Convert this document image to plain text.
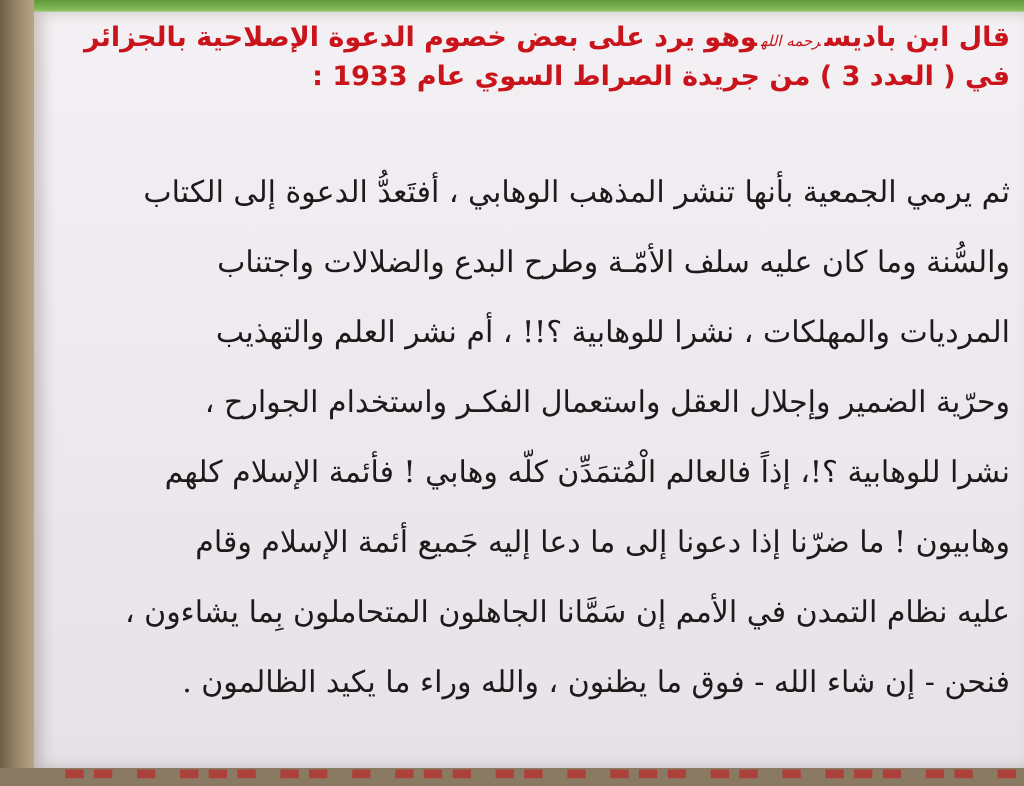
قال ابن باديسرحمه اللهوهو يرد على بعض خصوم الدعوة الإصلاحية بالجزائر
في ( العدد 3 ) من جريدة الصراط السوي عام 1933 :
ثم يرمي الجمعية بأنها تنشر المذهب الوهابي ، أفتَعدُّ الدعوة إلى الكتاب
والسُّنة وما كان عليه سلف الأمّـة وطرح البدع والضلالات واجتناب
المرديات والمهلكات ، نشرا للوهابية ؟!! ، أم نشر العلم والتهذيب
وحرّية الضمير وإجلال العقل واستعمال الفكـر واستخدام الجوارح ،
نشرا للوهابية ؟!، إذاً فالعالم الْمُتمَدِّن كلّه وهابي ! فأئمة الإسلام كلهم
وهابيون ! ما ضرّنا إذا دعونا إلى ما دعا إليه جَميع أئمة الإسلام وقام
عليه نظام التمدن في الأمم إن سَمَّانا الجاهلون المتحاملون بِما يشاءون ،
فنحن - إن شاء الله - فوق ما يظنون ، والله وراء ما يكيد الظالمون .
▬ ▬▬ ▬▬▬ ▬ ▬▬ ▬▬▬ ▬ ▬▬ ▬▬▬ ▬ ▬▬ ▬▬▬ ▬ ▬▬
